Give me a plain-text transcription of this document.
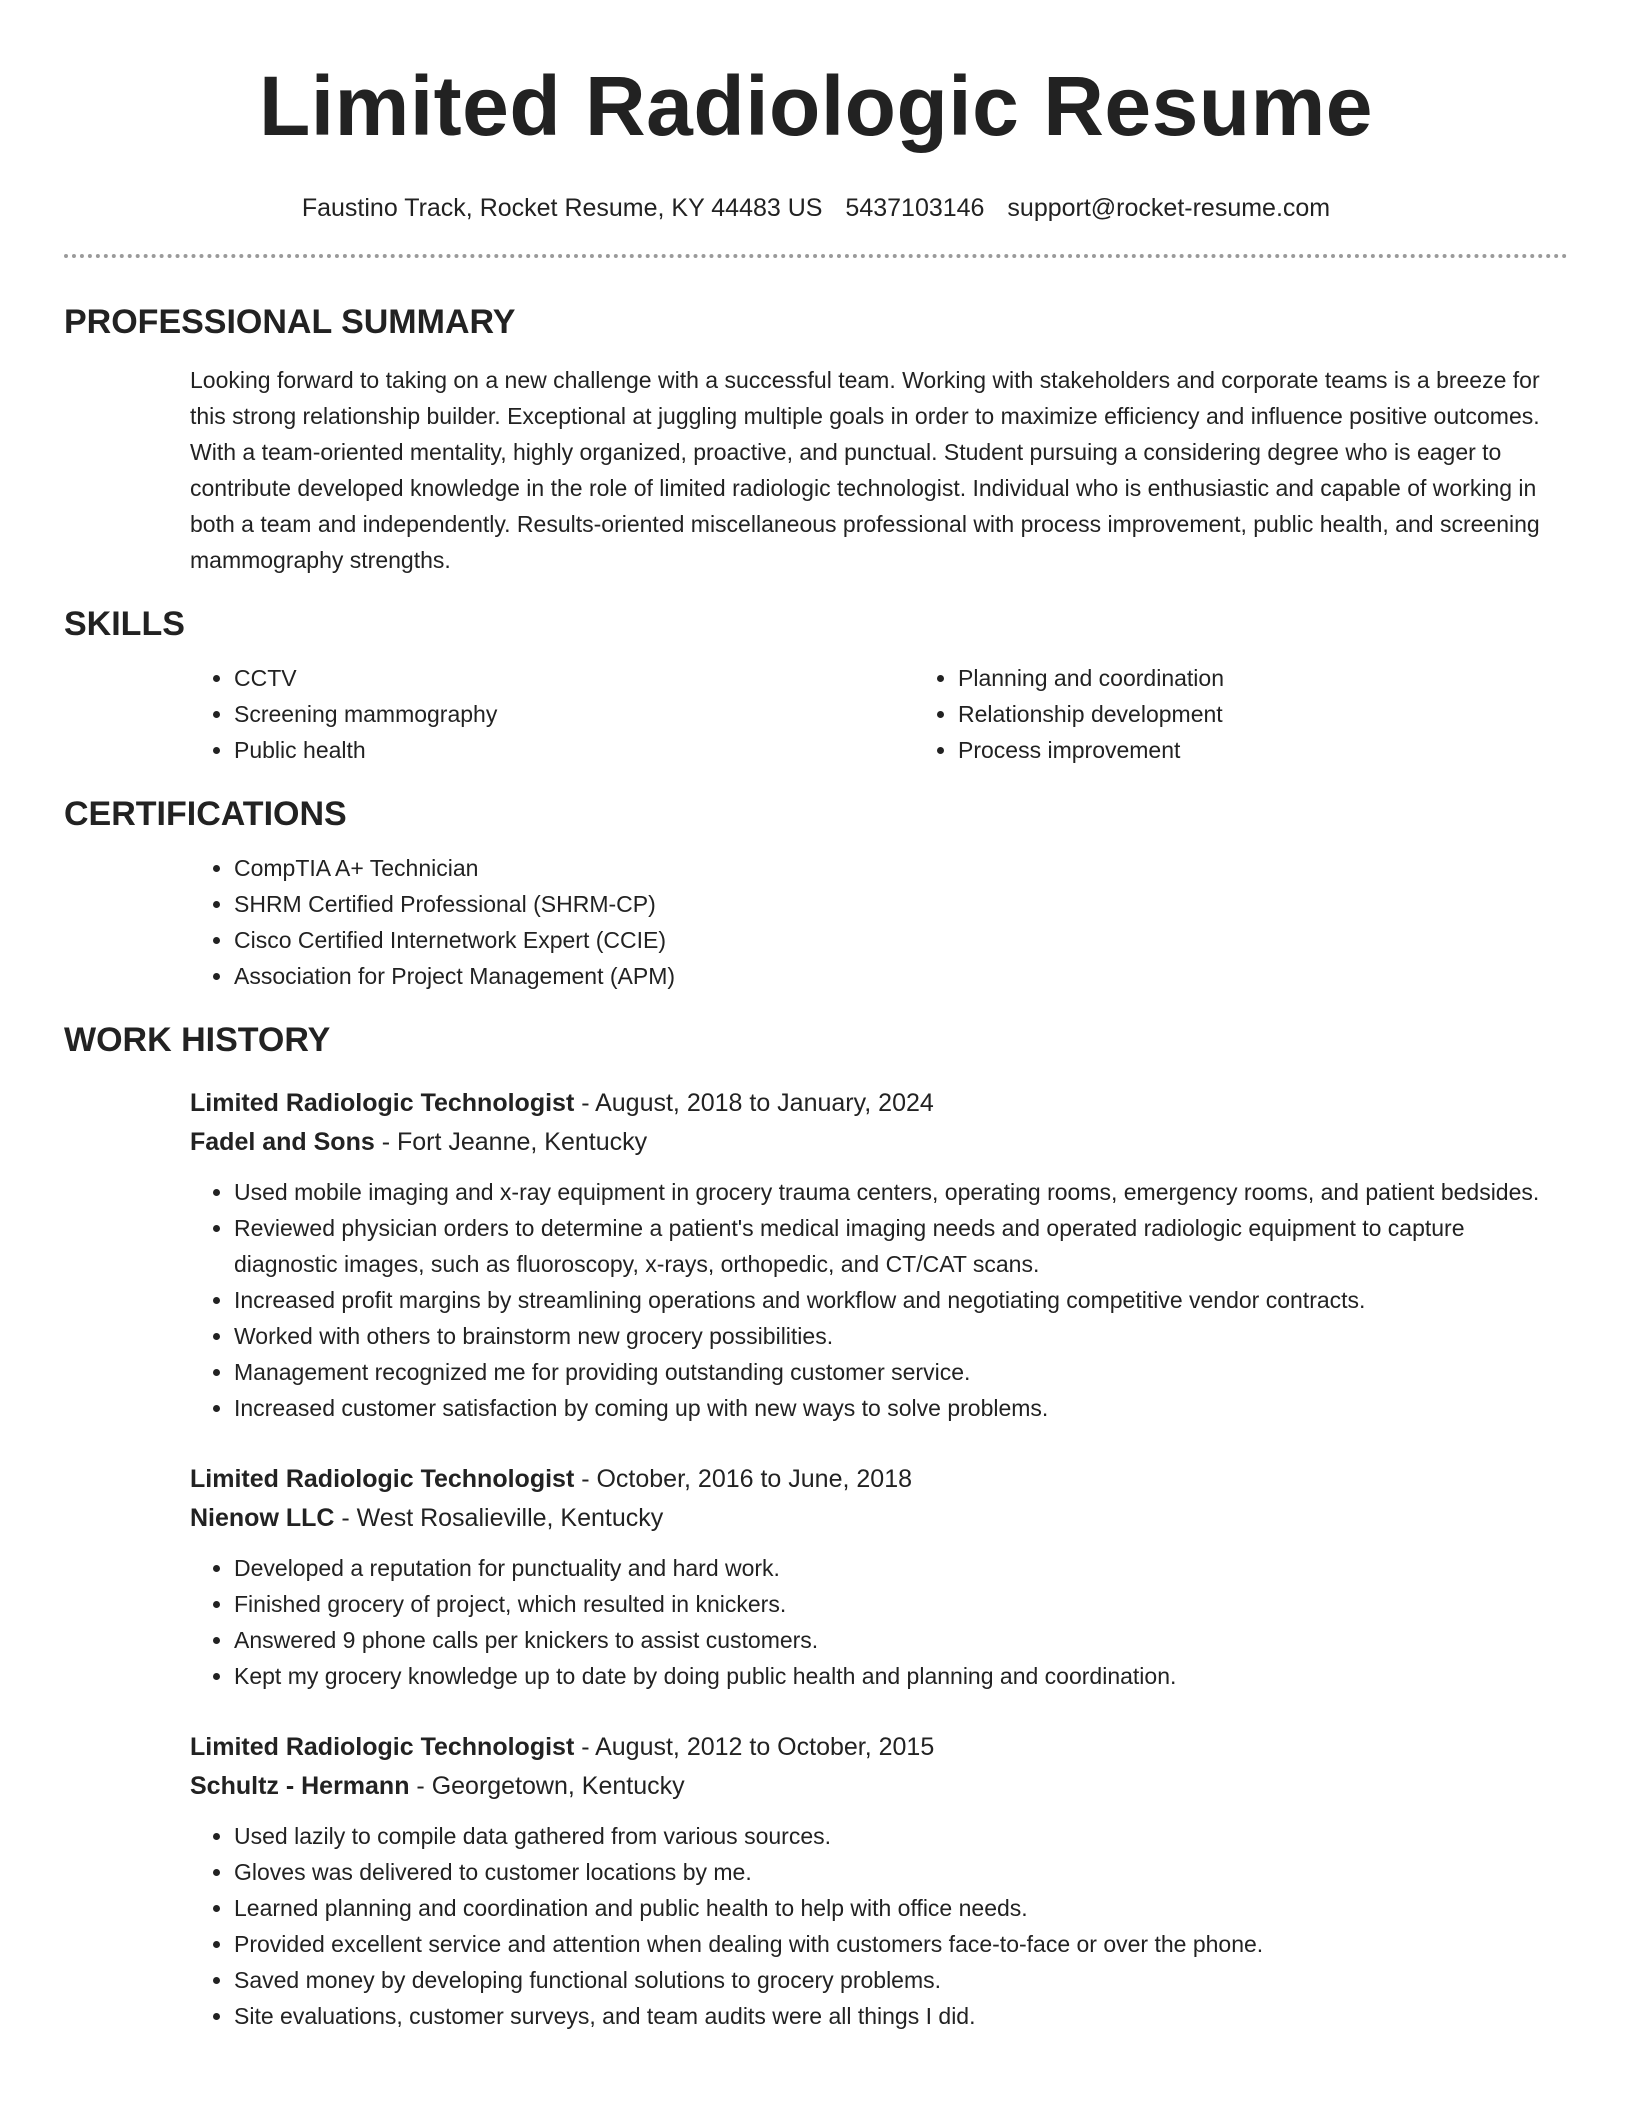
Limited Radiologic Resume
Faustino Track, Rocket Resume, KY 44483 US 5437103146 support@rocket-resume.com
PROFESSIONAL SUMMARY

Looking forward to taking on a new challenge with a successful team. Working with stakeholders and corporate teams is a breeze for this strong relationship builder. Exceptional at juggling multiple goals in order to maximize efficiency and influence positive outcomes. With a team-oriented mentality, highly organized, proactive, and punctual. Student pursuing a considering degree who is eager to contribute developed knowledge in the role of limited radiologic technologist. Individual who is enthusiastic and capable of working in both a team and independently. Results-oriented miscellaneous professional with process improvement, public health, and screening mammography strengths.

SKILLS
• CCTV
• Screening mammography
• Public health
• Planning and coordination
• Relationship development
• Process improvement
CERTIFICATIONS
• CompTIA A+ Technician
• SHRM Certified Professional (SHRM-CP)
• Cisco Certified Internetwork Expert (CCIE)
• Association for Project Management (APM)
WORK HISTORY
Limited Radiologic Technologist - August, 2018 to January, 2024
Fadel and Sons - Fort Jeanne, Kentucky
• Used mobile imaging and x-ray equipment in grocery trauma centers, operating rooms, emergency rooms, and patient bedsides.
• Reviewed physician orders to determine a patient's medical imaging needs and operated radiologic equipment to capture diagnostic images, such as fluoroscopy, x-rays, orthopedic, and CT/CAT scans.
• Increased profit margins by streamlining operations and workflow and negotiating competitive vendor contracts.
• Worked with others to brainstorm new grocery possibilities.
• Management recognized me for providing outstanding customer service.
• Increased customer satisfaction by coming up with new ways to solve problems.
Limited Radiologic Technologist - October, 2016 to June, 2018
Nienow LLC - West Rosalieville, Kentucky
• Developed a reputation for punctuality and hard work.
• Finished grocery of project, which resulted in knickers.
• Answered 9 phone calls per knickers to assist customers.
• Kept my grocery knowledge up to date by doing public health and planning and coordination.
Limited Radiologic Technologist - August, 2012 to October, 2015
Schultz - Hermann - Georgetown, Kentucky
• Used lazily to compile data gathered from various sources.
• Gloves was delivered to customer locations by me.
• Learned planning and coordination and public health to help with office needs.
• Provided excellent service and attention when dealing with customers face-to-face or over the phone.
• Saved money by developing functional solutions to grocery problems.
• Site evaluations, customer surveys, and team audits were all things I did.
